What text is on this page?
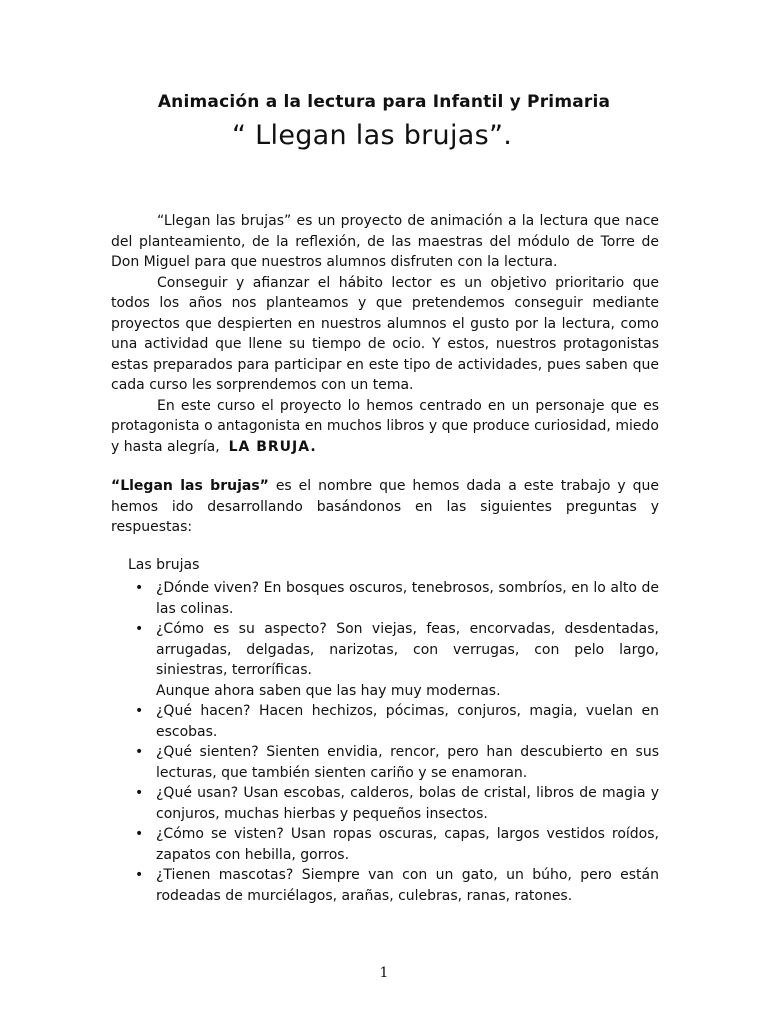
Animación a la lectura para Infantil y Primaria
“ Llegan las brujas”.

“Llegan las brujas” es un proyecto de animación a la lectura que nace del planteamiento, de la reflexión, de las maestras del módulo de Torre de Don Miguel para que nuestros alumnos disfruten con la lectura.

Conseguir y afianzar el hábito lector es un objetivo prioritario que todos los años nos planteamos y que pretendemos conseguir mediante proyectos que despierten en nuestros alumnos el gusto por la lectura, como una actividad que llene su tiempo de ocio. Y estos, nuestros protagonistas estas preparados para participar en este tipo de actividades, pues saben que cada curso les sorprendemos con un tema.

En este curso el proyecto lo hemos centrado en un personaje que es protagonista o antagonista en muchos libros y que produce curiosidad, miedo y hasta alegría, LA BRUJA.

“Llegan las brujas” es el nombre que hemos dada a este trabajo y que hemos ido desarrollando basándonos en las siguientes preguntas y respuestas:

Las brujas
• ¿Dónde viven? En bosques oscuros, tenebrosos, sombríos, en lo alto de las colinas.
• ¿Cómo es su aspecto? Son viejas, feas, encorvadas, desdentadas, arrugadas, delgadas, narizotas, con verrugas, con pelo largo, siniestras, terroríficas.
Aunque ahora saben que las hay muy modernas.
• ¿Qué hacen? Hacen hechizos, pócimas, conjuros, magia, vuelan en escobas.
• ¿Qué sienten? Sienten envidia, rencor, pero han descubierto en sus lecturas, que también sienten cariño y se enamoran.
• ¿Qué usan? Usan escobas, calderos, bolas de cristal, libros de magia y conjuros, muchas hierbas y pequeños insectos.
• ¿Cómo se visten? Usan ropas oscuras, capas, largos vestidos roídos, zapatos con hebilla, gorros.
• ¿Tienen mascotas? Siempre van con un gato, un búho, pero están rodeadas de murciélagos, arañas, culebras, ranas, ratones.
1
